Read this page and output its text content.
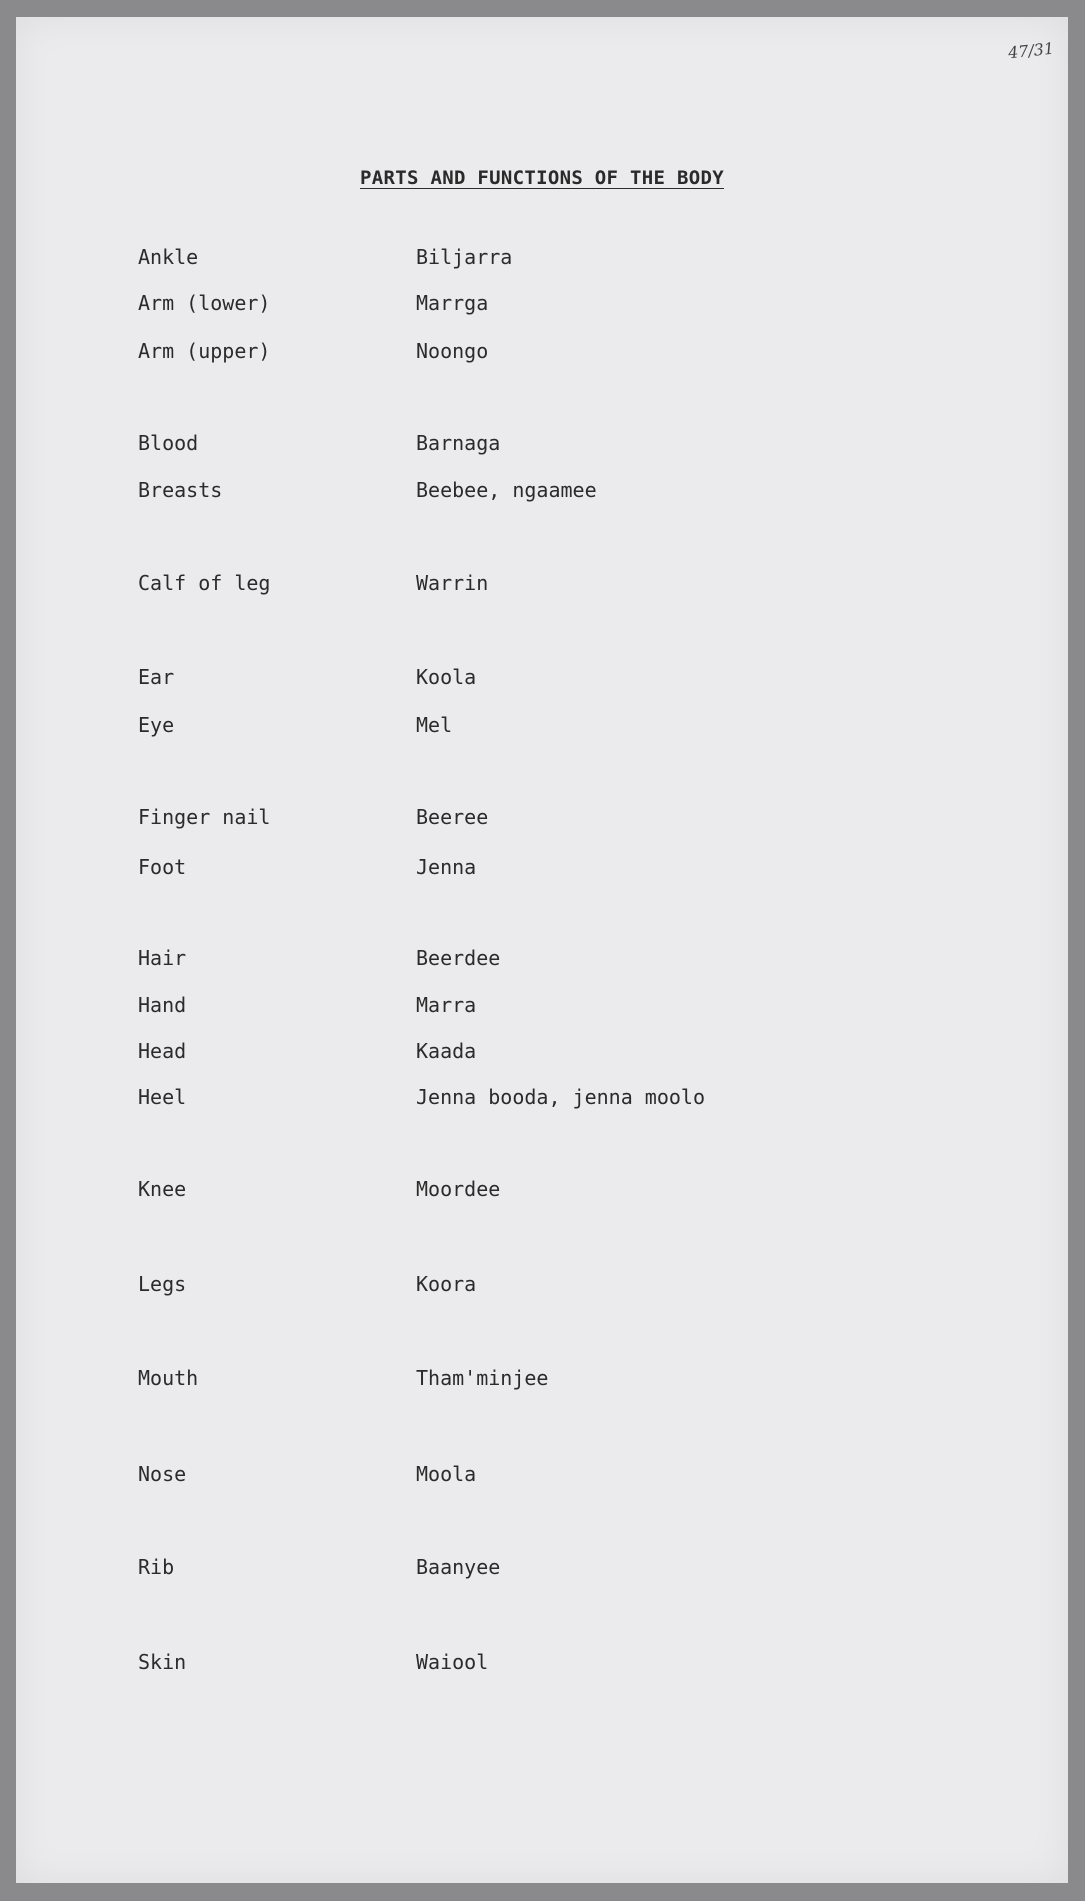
47/31
PARTS AND FUNCTIONS OF THE BODY
Ankle	Biljarra
Arm (lower)	Marrga
Arm (upper)	Noongo
Blood	Barnaga
Breasts	Beebee, ngaamee
Calf of leg	Warrin
Ear	Koola
Eye	Mel
Finger nail	Beeree
Foot	Jenna
Hair	Beerdee
Hand	Marra
Head	Kaada
Heel	Jenna booda, jenna moolo
Knee	Moordee
Legs	Koora
Mouth	Tham'minjee
Nose	Moola
Rib	Baanyee
Skin	Waiool
